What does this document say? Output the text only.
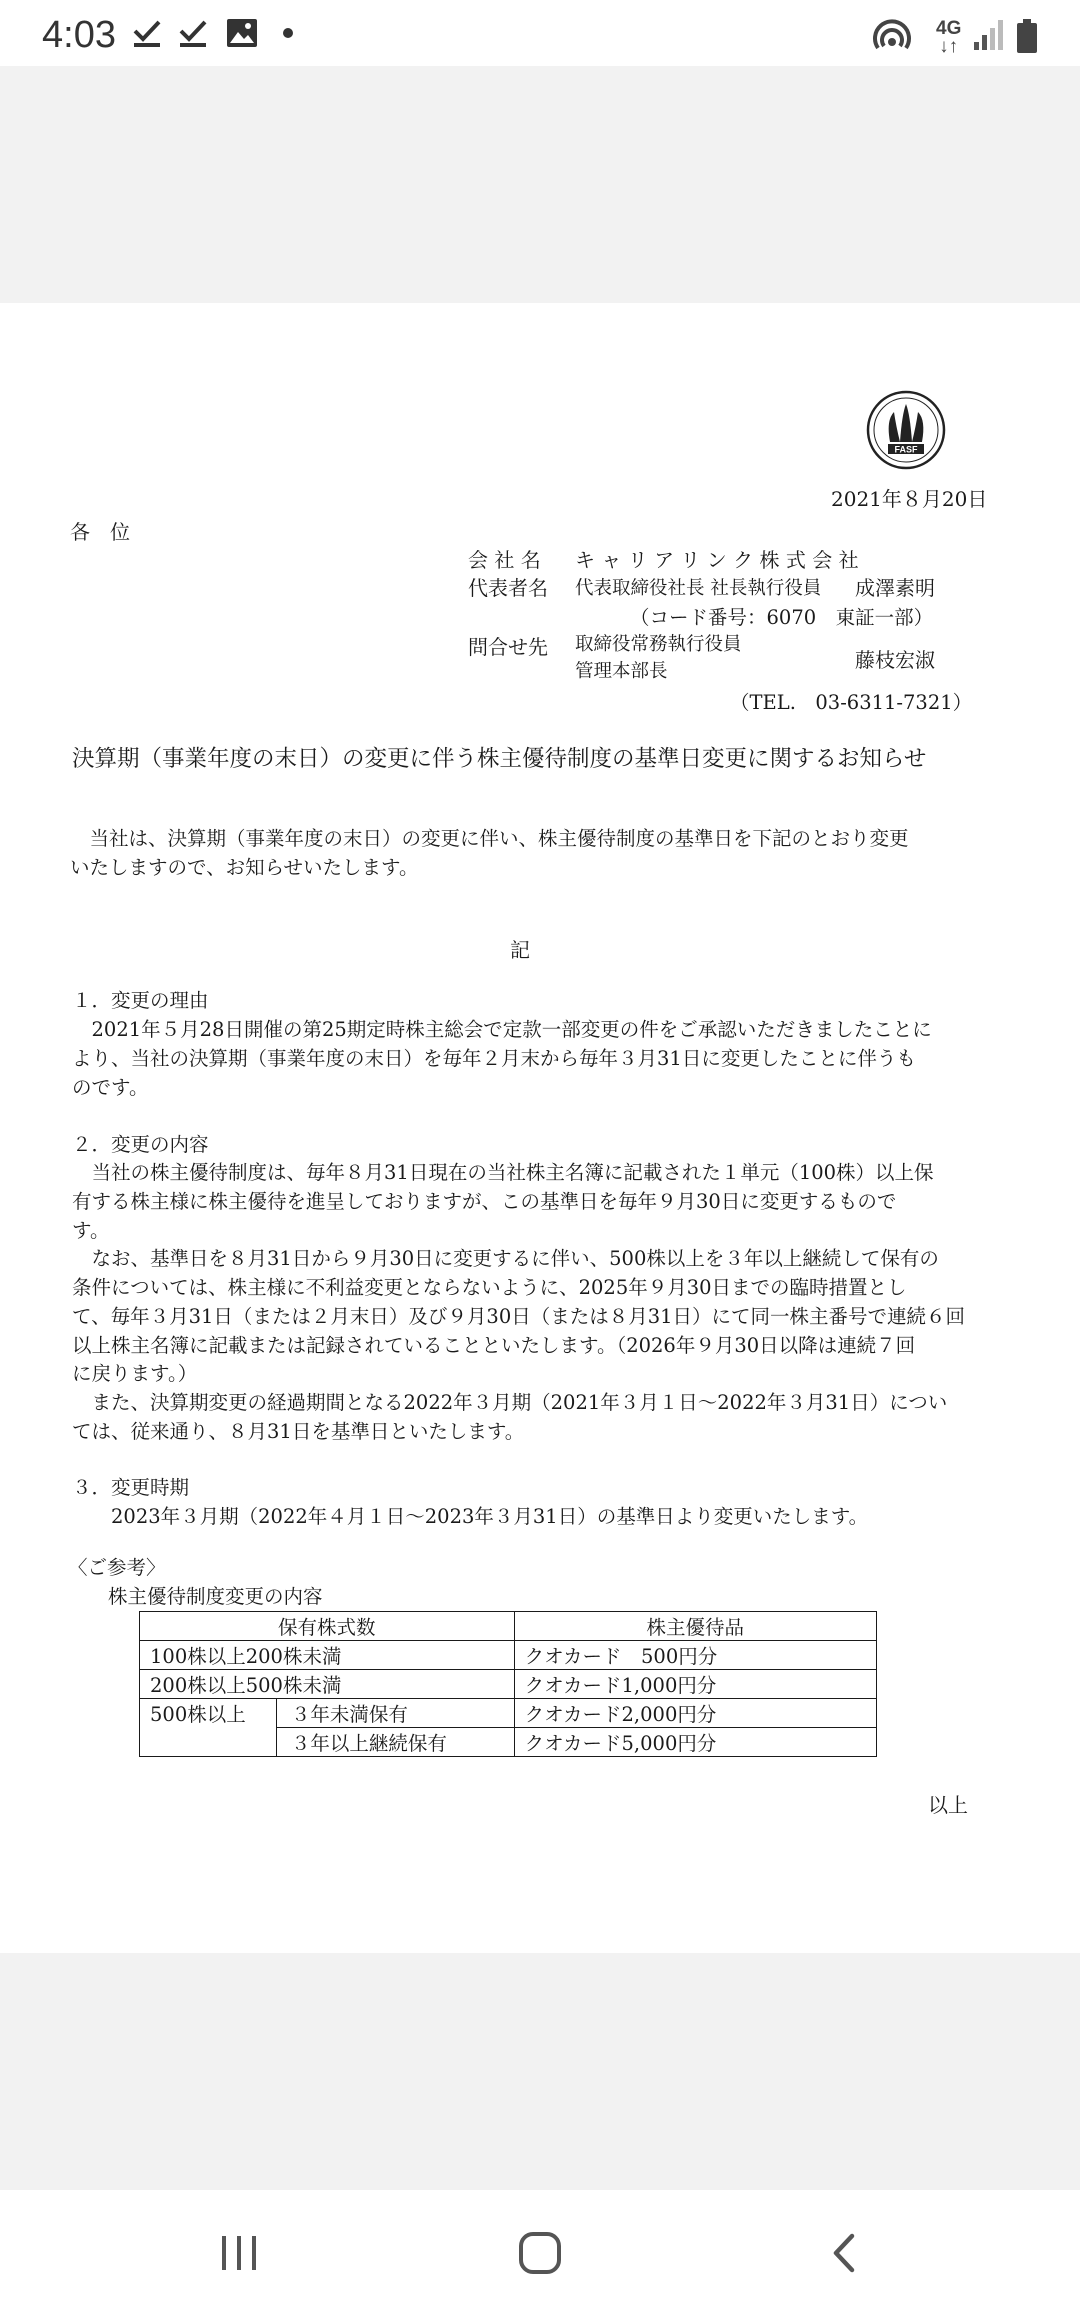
4:03	4G
↓↑
FASF
2021年８月20日
各　位
会 社 名 キ ャ リ ア リ ン ク 株 式 会 社
代表者名 代表取締役社長 社長執行役員 成澤素明
（コード番号：6070　東証一部）
問合せ先 取締役常務執行役員
管理本部長	藤枝宏淑
（TEL.　03-6311-7321）
決算期（事業年度の末日）の変更に伴う株主優待制度の基準日変更に関するお知らせ
　当社は、決算期（事業年度の末日）の変更に伴い、株主優待制度の基準日を下記のとおり変更
いたしますので、お知らせいたします。
記
１．変更の理由
　2021年５月28日開催の第25期定時株主総会で定款一部変更の件をご承認いただきましたことに
より、当社の決算期（事業年度の末日）を毎年２月末から毎年３月31日に変更したことに伴うも
のです。
２．変更の内容
　当社の株主優待制度は、毎年８月31日現在の当社株主名簿に記載された１単元（100株）以上保
有する株主様に株主優待を進呈しておりますが、この基準日を毎年９月30日に変更するもので
す。
　なお、基準日を８月31日から９月30日に変更するに伴い、500株以上を３年以上継続して保有の
条件については、株主様に不利益変更とならないように、2025年９月30日までの臨時措置とし
て、毎年３月31日（または２月末日）及び９月30日（または８月31日）にて同一株主番号で連続６回
以上株主名簿に記載または記録されていることといたします。（2026年９月30日以降は連続７回
に戻ります。）
　また、決算期変更の経過期間となる2022年３月期（2021年３月１日〜2022年３月31日）につい
ては、従来通り、８月31日を基準日といたします。
３．変更時期
2023年３月期（2022年４月１日〜2023年３月31日）の基準日より変更いたします。
〈ご参考〉
株主優待制度変更の内容
保有株式数		株主優待品
100株以上200株未満		クオカード　500円分
200株以上500株未満		クオカード1,000円分
500株以上	３年未満保有	クオカード2,000円分
	３年以上継続保有	クオカード5,000円分
以上
